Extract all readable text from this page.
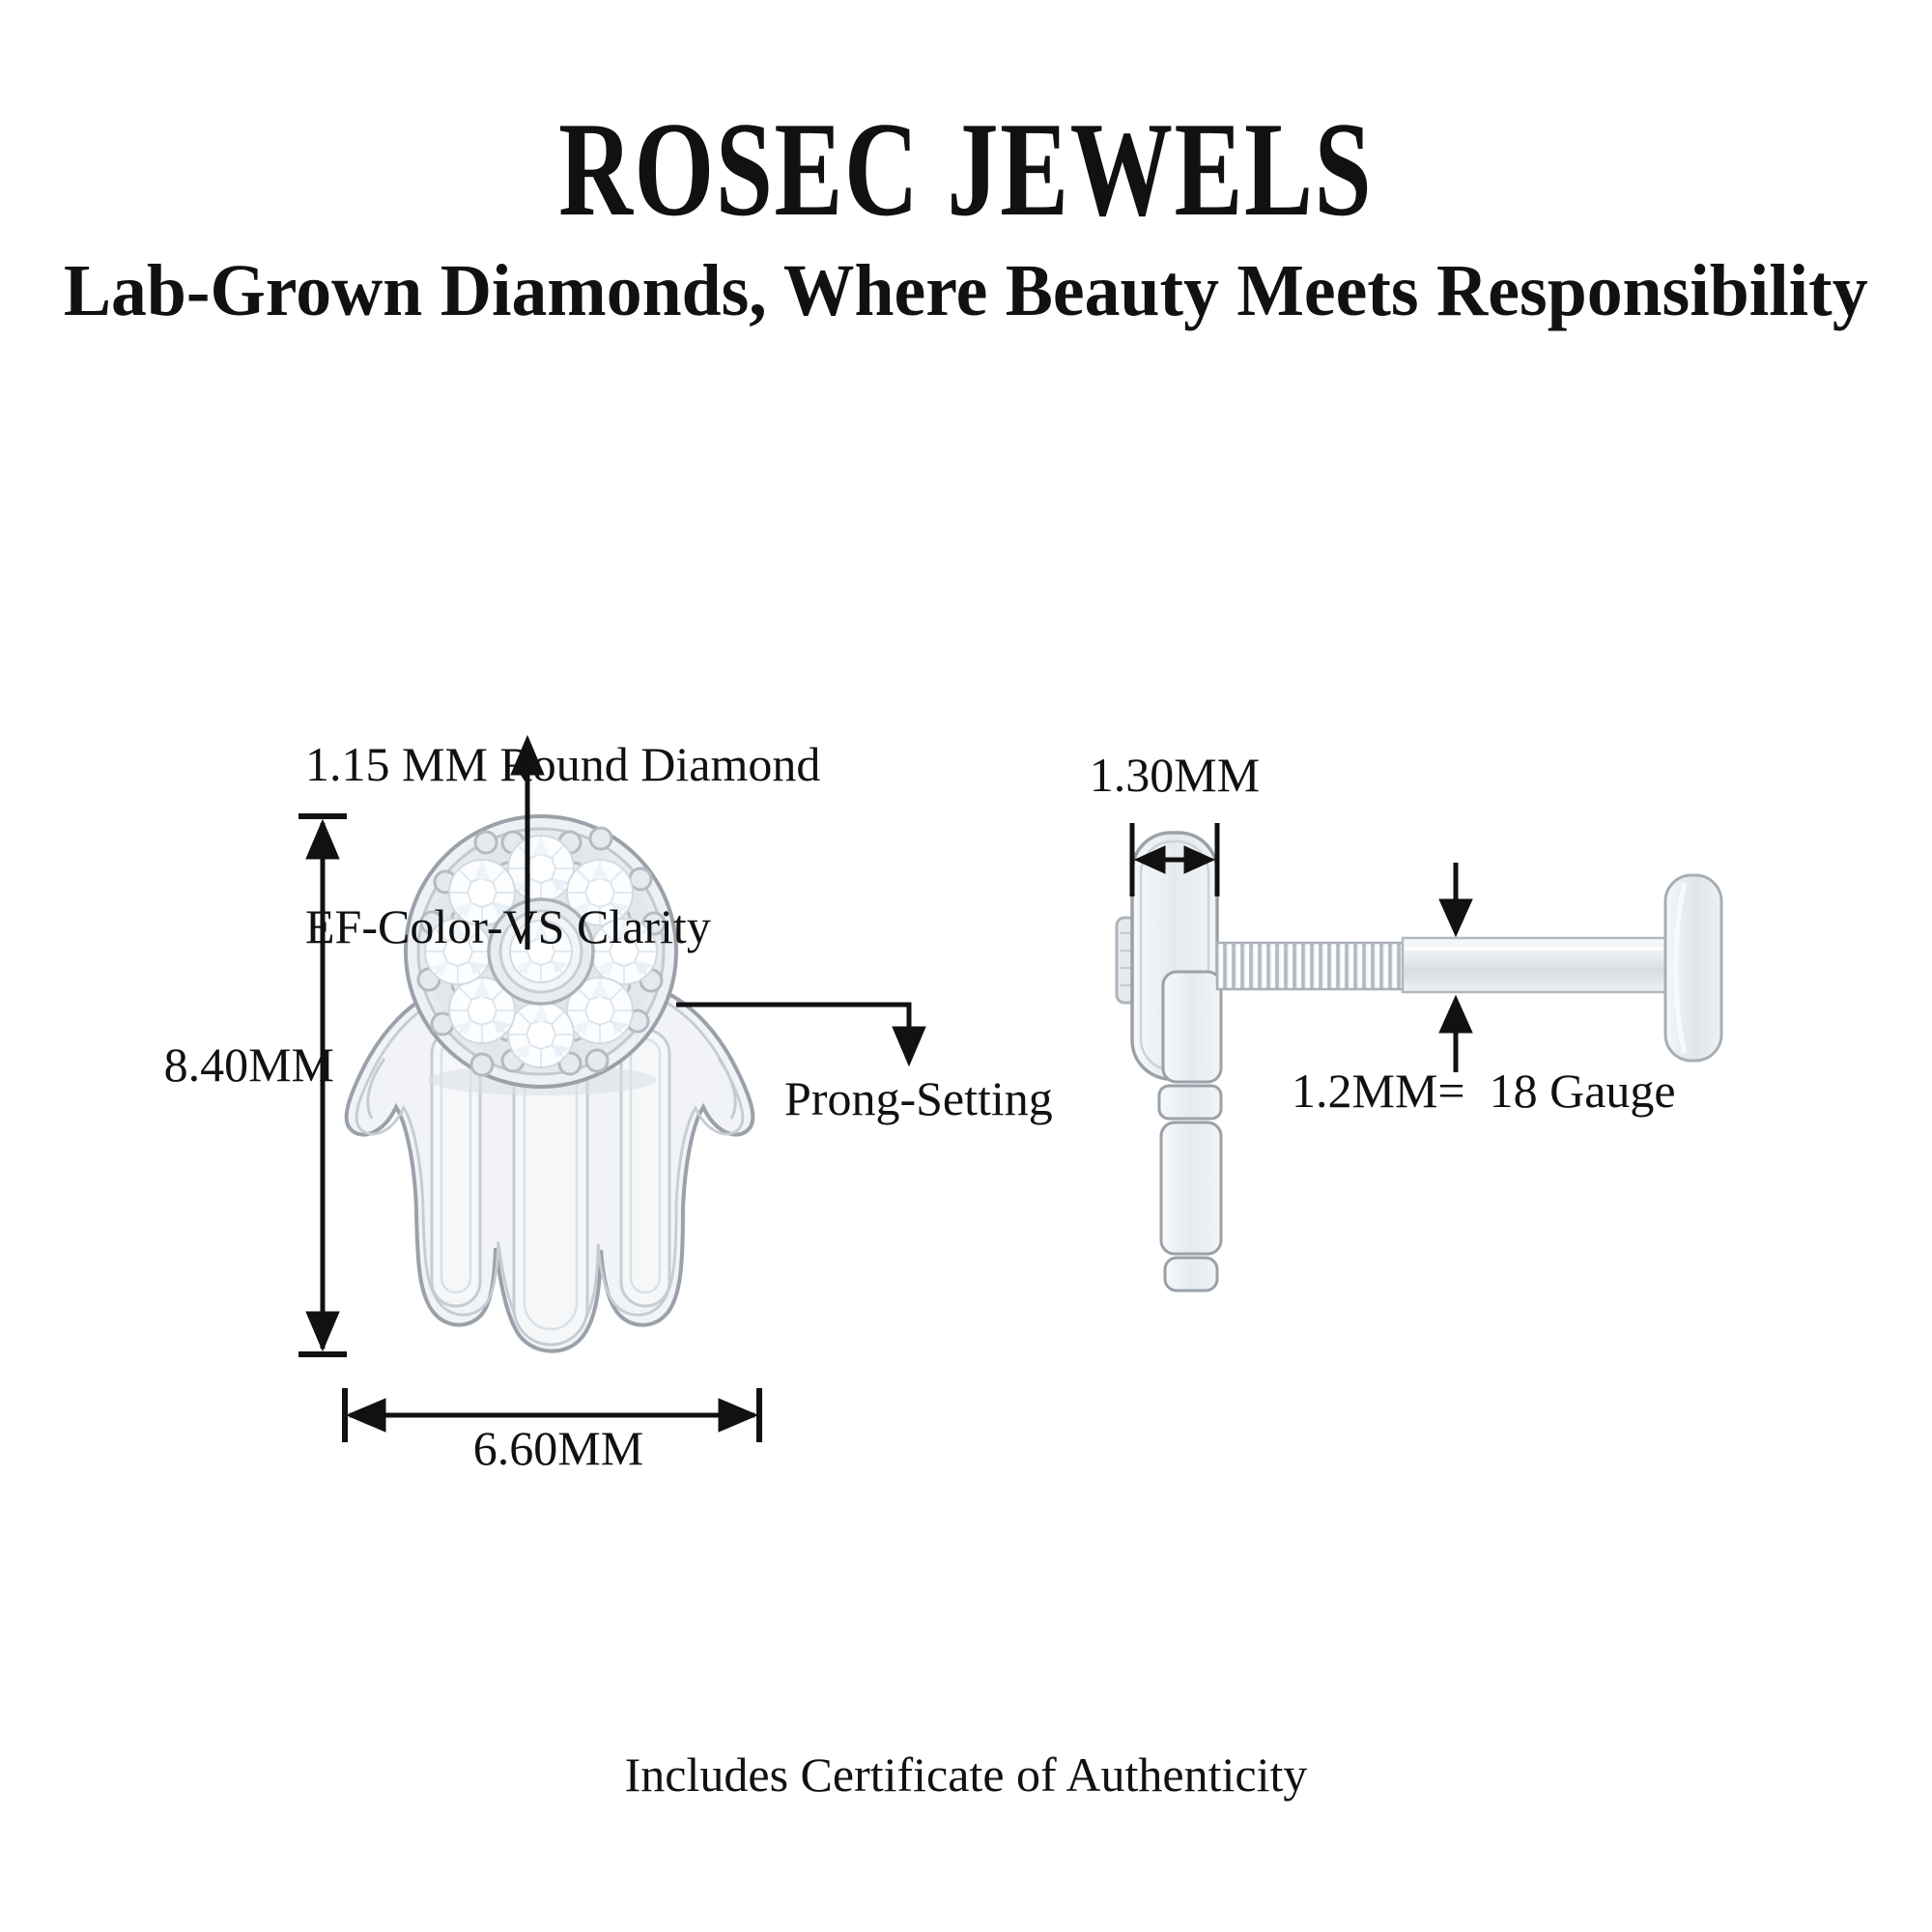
ROSEC JEWELS
Lab-Grown Diamonds, Where Beauty Meets Responsibility

1.15 MM Round Diamond

EF-Color-VS Clarity

8.40MM
6.60MM
Prong-Setting
1.30MM
1.2MM=  18 Gauge
Includes Certificate of Authenticity
